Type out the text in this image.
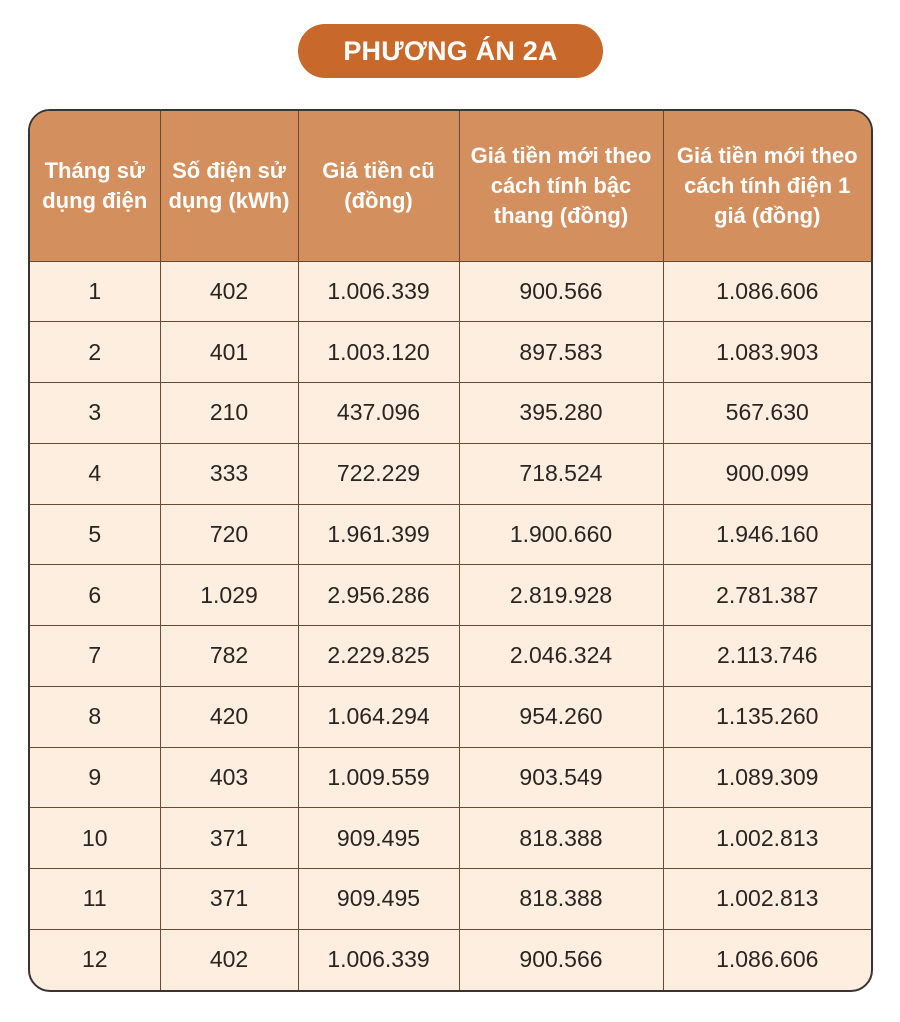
PHƯƠNG ÁN 2A
Tháng sử dụng điện	Số điện sử dụng (kWh)	Giá tiền cũ (đồng)	Giá tiền mới theo cách tính bậc thang (đồng)	Giá tiền mới theo cách tính điện 1 giá (đồng)
1	402	1.006.339	900.566	1.086.606
2	401	1.003.120	897.583	1.083.903
3	210	437.096	395.280	567.630
4	333	722.229	718.524	900.099
5	720	1.961.399	1.900.660	1.946.160
6	1.029	2.956.286	2.819.928	2.781.387
7	782	2.229.825	2.046.324	2.113.746
8	420	1.064.294	954.260	1.135.260
9	403	1.009.559	903.549	1.089.309
10	371	909.495	818.388	1.002.813
11	371	909.495	818.388	1.002.813
12	402	1.006.339	900.566	1.086.606
